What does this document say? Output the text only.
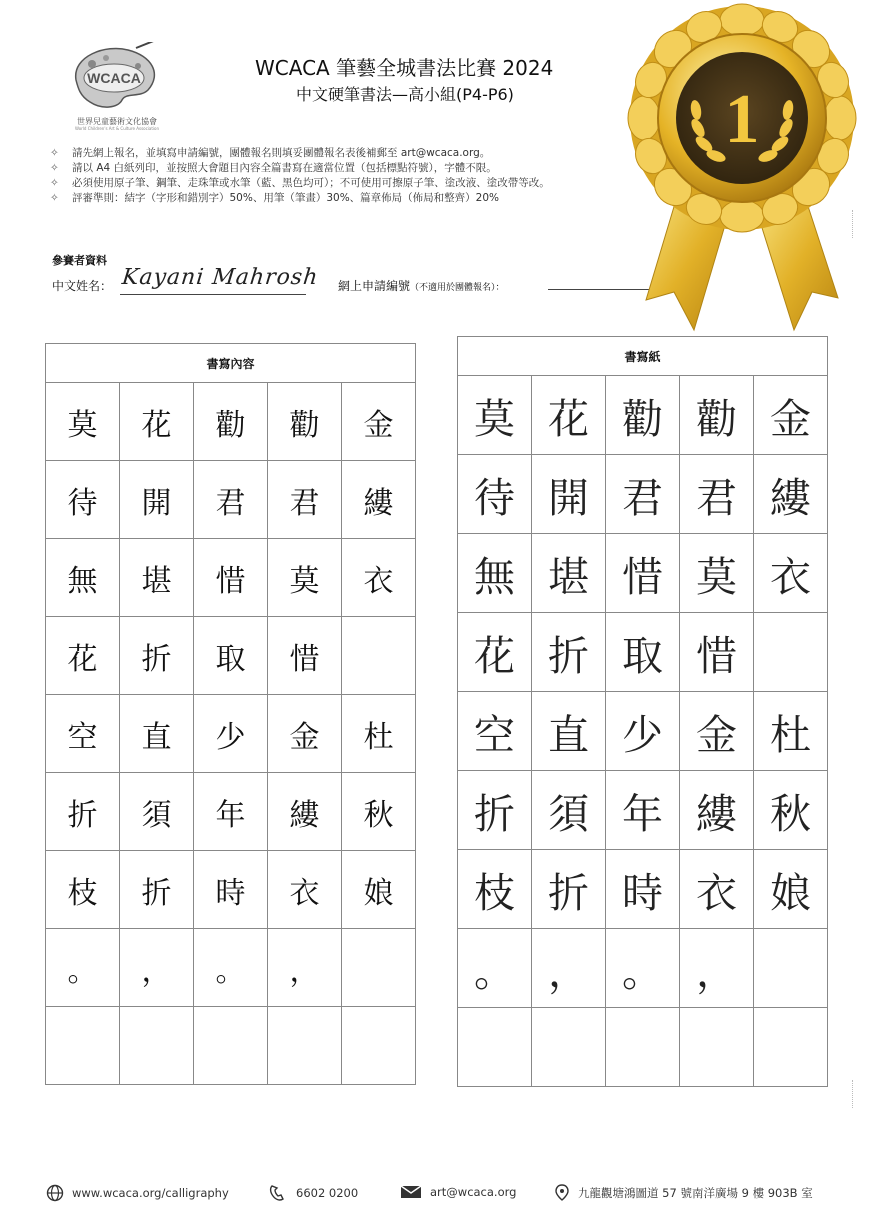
WCACA
世界兒童藝術文化協會
World Children's Art & Culture Association
WCACA 筆藝全城書法比賽 2024
中文硬筆書法—高小組(P4-P6)
✧ 請先網上報名，並填寫申請編號，團體報名則填妥團體報名表後補郵至 art@wcaca.org。
✧ 請以 A4 白紙列印，並按照大會題目內容全篇書寫在適當位置（包括標點符號），字體不限。
✧ 必須使用原子筆、鋼筆、走珠筆或水筆（藍、黑色均可）；不可使用可擦原子筆、塗改液、塗改帶等改。
✧ 評審準則：結字（字形和錯別字）50%、用筆（筆畫）30%、篇章佈局（佈局和整齊）20%
參賽者資料
中文姓名： Kayani Mahrosh 網上申請編號（不適用於團體報名）：
書寫內容				
莫	花	勸	勸	金
待	開	君	君	縷
無	堪	惜	莫	衣
花	折	取	惜	
空	直	少	金	杜
折	須	年	縷	秋
枝	折	時	衣	娘
。	，	。	，	

書寫紙				
莫	花	勸	勸	金
待	開	君	君	縷
無	堪	惜	莫	衣
花	折	取	惜	
空	直	少	金	杜
折	須	年	縷	秋
枝	折	時	衣	娘
。	，	。	，	

1
www.wcaca.org/calligraphy	6602 0200	art@wcaca.org	九龍觀塘鴻圖道 57 號南洋廣場 9 樓 903B 室
